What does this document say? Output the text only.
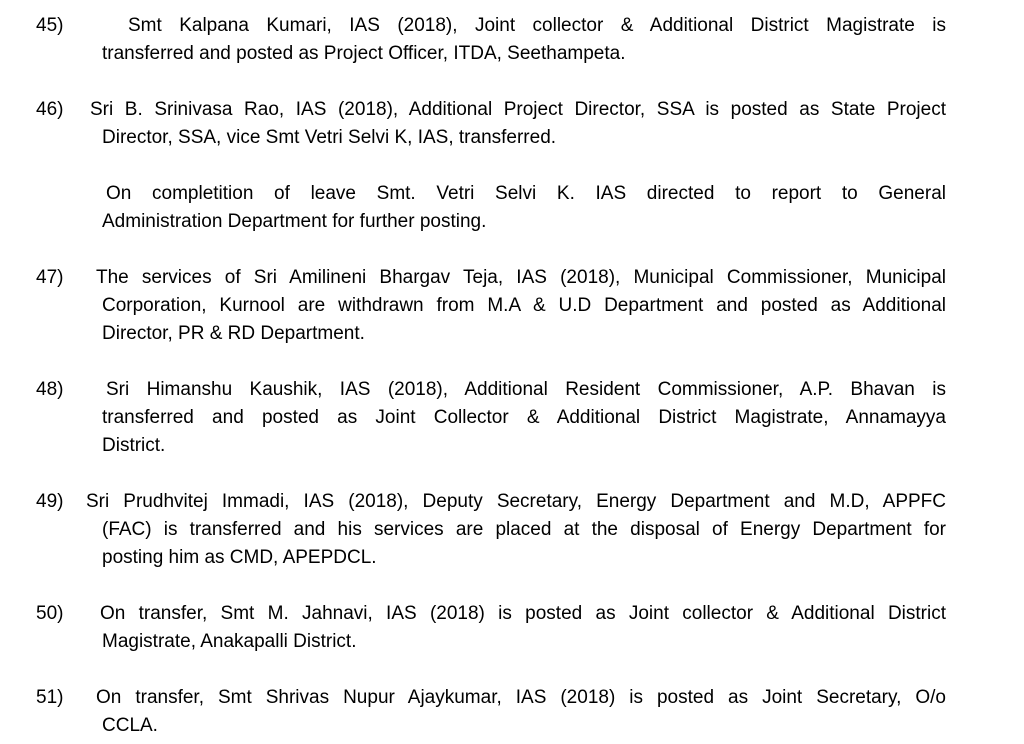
45)	Smt Kalpana Kumari, IAS (2018), Joint collector & Additional District Magistrate is
transferred and posted as Project Officer, ITDA, Seethampeta.
46)	Sri B. Srinivasa Rao, IAS (2018), Additional Project Director, SSA is posted as State Project
Director, SSA, vice Smt Vetri Selvi K, IAS, transferred.
On completition of leave Smt. Vetri Selvi K. IAS directed to report to General
Administration Department for further posting.
47)	The services of Sri Amilineni Bhargav Teja, IAS (2018), Municipal Commissioner, Municipal
Corporation, Kurnool are withdrawn from M.A & U.D Department and posted as Additional
Director, PR & RD Department.
48)	Sri Himanshu Kaushik, IAS (2018), Additional Resident Commissioner, A.P. Bhavan is
transferred and posted as Joint Collector & Additional District Magistrate, Annamayya
District.
49)	Sri Prudhvitej Immadi, IAS (2018), Deputy Secretary, Energy Department and M.D, APPFC
(FAC) is transferred and his services are placed at the disposal of Energy Department for
posting him as CMD, APEPDCL.
50)	On transfer, Smt M. Jahnavi, IAS (2018) is posted as Joint collector & Additional District
Magistrate, Anakapalli District.
51)	On transfer, Smt Shrivas Nupur Ajaykumar, IAS (2018) is posted as Joint Secretary, O/o
CCLA.
